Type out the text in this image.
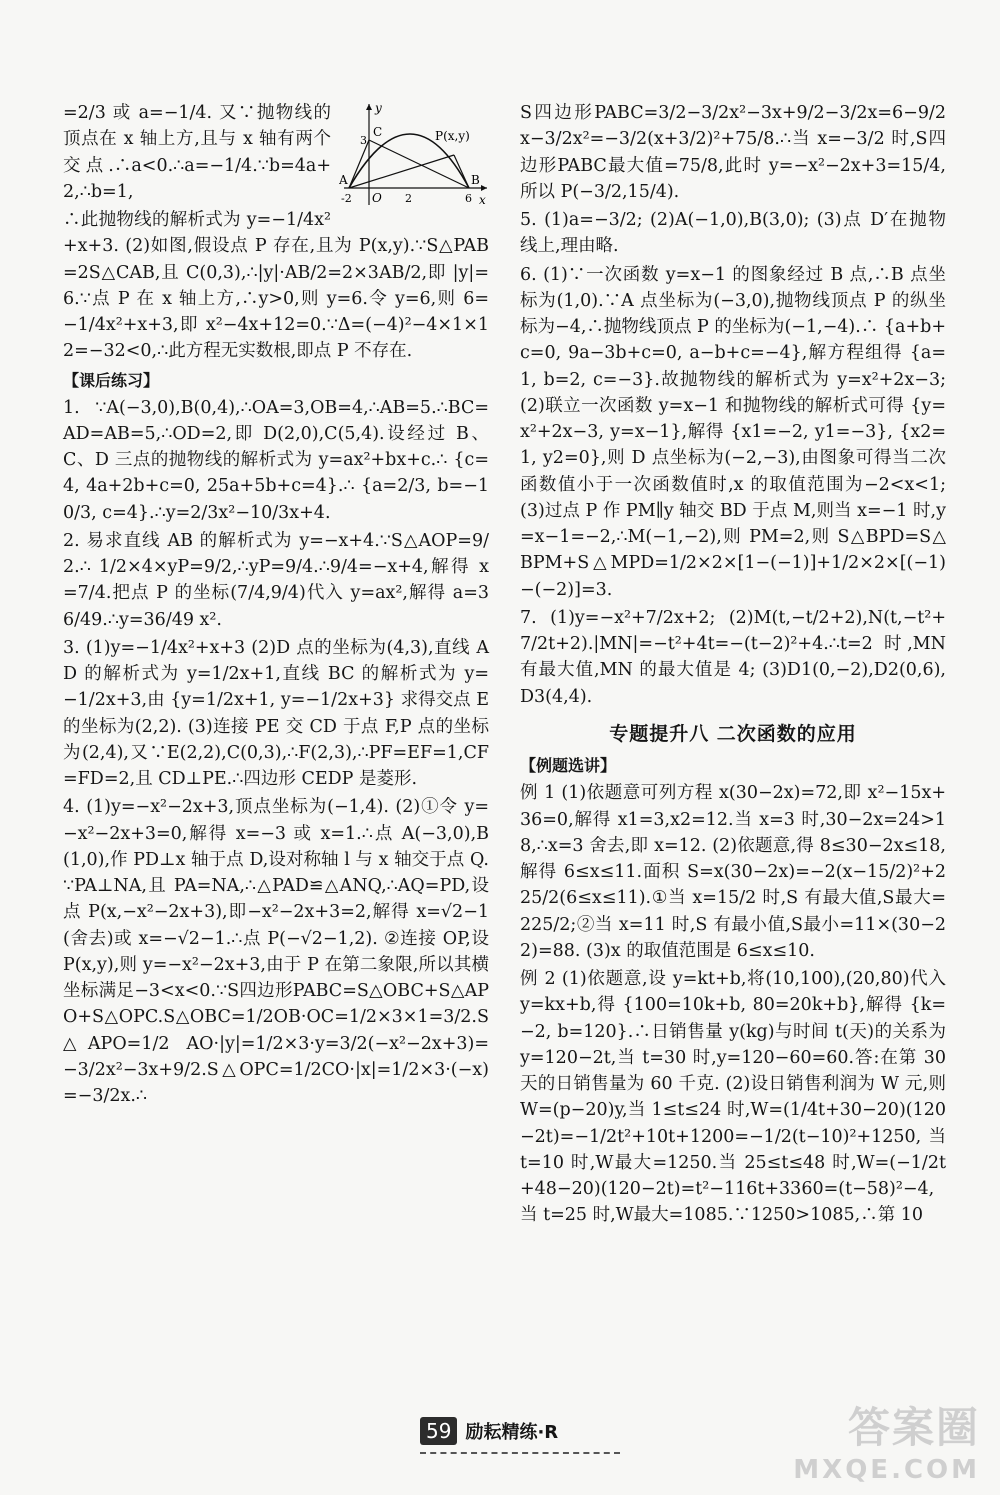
y
x
P(x,y)
C
A	B
O
3
-2	2	6

=2/3 或 a=−1/4. 又∵抛物线的顶点在 x 轴上方,且与 x 轴有两个交点.∴a<0.∴a=−1/4.∵b=4a+2,∴b=1,

∴此抛物线的解析式为 y=−1/4x² +x+3. (2)如图,假设点 P 存在,且为 P(x,y).∵S△PAB=2S△CAB,且 C(0,3),∴|y|·AB/2=2×3AB/2,即 |y|=6.∵点 P 在 x 轴上方,∴y>0,则 y=6.令 y=6,则 6=−1/4x²+x+3,即 x²−4x+12=0.∵Δ=(−4)²−4×1×12=−32<0,∴此方程无实数根,即点 P 不存在.

【课后练习】

1. ∵A(−3,0),B(0,4),∴OA=3,OB=4,∴AB=5.∴BC=AD=AB=5,∴OD=2,即 D(2,0),C(5,4).设经过 B、C、D 三点的抛物线的解析式为 y=ax²+bx+c.∴ {c=4, 4a+2b+c=0, 25a+5b+c=4}.∴ {a=2/3, b=−10/3, c=4}.∴y=2/3x²−10/3x+4.

2. 易求直线 AB 的解析式为 y=−x+4.∵S△AOP=9/2.∴ 1/2×4×yP=9/2,∴yP=9/4.∴9/4=−x+4,解得 x=7/4.把点 P 的坐标(7/4,9/4)代入 y=ax²,解得 a=36/49.∴y=36/49 x².

3. (1)y=−1/4x²+x+3 (2)D 点的坐标为(4,3),直线 AD 的解析式为 y=1/2x+1,直线 BC 的解析式为 y=−1/2x+3,由 {y=1/2x+1, y=−1/2x+3} 求得交点 E 的坐标为(2,2). (3)连接 PE 交 CD 于点 F,P 点的坐标为(2,4),又∵E(2,2),C(0,3),∴F(2,3),∴PF=EF=1,CF=FD=2,且 CD⊥PE.∴四边形 CEDP 是菱形.

4. (1)y=−x²−2x+3,顶点坐标为(−1,4). (2)①令 y=−x²−2x+3=0,解得 x=−3 或 x=1.∴点 A(−3,0),B(1,0),作 PD⊥x 轴于点 D,设对称轴 l 与 x 轴交于点 Q.∵PA⊥NA,且 PA=NA,∴△PAD≌△ANQ,∴AQ=PD,设点 P(x,−x²−2x+3),即−x²−2x+3=2,解得 x=√2−1(舍去)或 x=−√2−1.∴点 P(−√2−1,2). ②连接 OP,设 P(x,y),则 y=−x²−2x+3,由于 P 在第二象限,所以其横坐标满足−3<x<0.∵S四边形PABC=S△OBC+S△APO+S△OPC.S△OBC=1/2OB·OC=1/2×3×1=3/2.S△APO=1/2 AO·|y|=1/2×3·y=3/2(−x²−2x+3)=−3/2x²−3x+9/2.S△OPC=1/2CO·|x|=1/2×3·(−x)=−3/2x.∴

S四边形PABC=3/2−3/2x²−3x+9/2−3/2x=6−9/2x−3/2x²=−3/2(x+3/2)²+75/8.∴当 x=−3/2 时,S四边形PABC最大值=75/8,此时 y=−x²−2x+3=15/4,所以 P(−3/2,15/4).

5. (1)a=−3/2; (2)A(−1,0),B(3,0); (3)点 D′在抛物线上,理由略.

6. (1)∵一次函数 y=x−1 的图象经过 B 点,∴B 点坐标为(1,0).∵A 点坐标为(−3,0),抛物线顶点 P 的纵坐标为−4,∴抛物线顶点 P 的坐标为(−1,−4).∴ {a+b+c=0, 9a−3b+c=0, a−b+c=−4},解方程组得 {a=1, b=2, c=−3}.故抛物线的解析式为 y=x²+2x−3; (2)联立一次函数 y=x−1 和抛物线的解析式可得 {y=x²+2x−3, y=x−1},解得 {x1=−2, y1=−3}, {x2=1, y2=0},则 D 点坐标为(−2,−3),由图象可得当二次函数值小于一次函数值时,x 的取值范围为−2<x<1; (3)过点 P 作 PM∥y 轴交 BD 于点 M,则当 x=−1 时,y=x−1=−2,∴M(−1,−2),则 PM=2,则 S△BPD=S△BPM+S△MPD=1/2×2×[1−(−1)]+1/2×2×[(−1)−(−2)]=3.

7. (1)y=−x²+7/2x+2; (2)M(t,−t/2+2),N(t,−t²+7/2t+2).|MN|=−t²+4t=−(t−2)²+4.∴t=2 时,MN 有最大值,MN 的最大值是 4; (3)D1(0,−2),D2(0,6),D3(4,4).

专题提升八 二次函数的应用
【例题选讲】

例 1 (1)依题意可列方程 x(30−2x)=72,即 x²−15x+36=0,解得 x1=3,x2=12.当 x=3 时,30−2x=24>18,∴x=3 舍去,即 x=12. (2)依题意,得 8≤30−2x≤18,解得 6≤x≤11.面积 S=x(30−2x)=−2(x−15/2)²+225/2(6≤x≤11).①当 x=15/2 时,S 有最大值,S最大=225/2;②当 x=11 时,S 有最小值,S最小=11×(30−22)=88. (3)x 的取值范围是 6≤x≤10.

例 2 (1)依题意,设 y=kt+b,将(10,100),(20,80)代入 y=kx+b,得 {100=10k+b, 80=20k+b},解得 {k=−2, b=120}.∴日销售量 y(kg)与时间 t(天)的关系为 y=120−2t,当 t=30 时,y=120−60=60.答:在第 30 天的日销售量为 60 千克. (2)设日销售利润为 W 元,则 W=(p−20)y,当 1≤t≤24 时,W=(1/4t+30−20)(120−2t)=−1/2t²+10t+1200=−1/2(t−10)²+1250,当 t=10 时,W最大=1250.当 25≤t≤48 时,W=(−1/2t+48−20)(120−2t)=t²−116t+3360=(t−58)²−4,当 t=25 时,W最大=1085.∵1250>1085,∴第 10

59 励耘精练·R	答案圈
MXQE.COM
